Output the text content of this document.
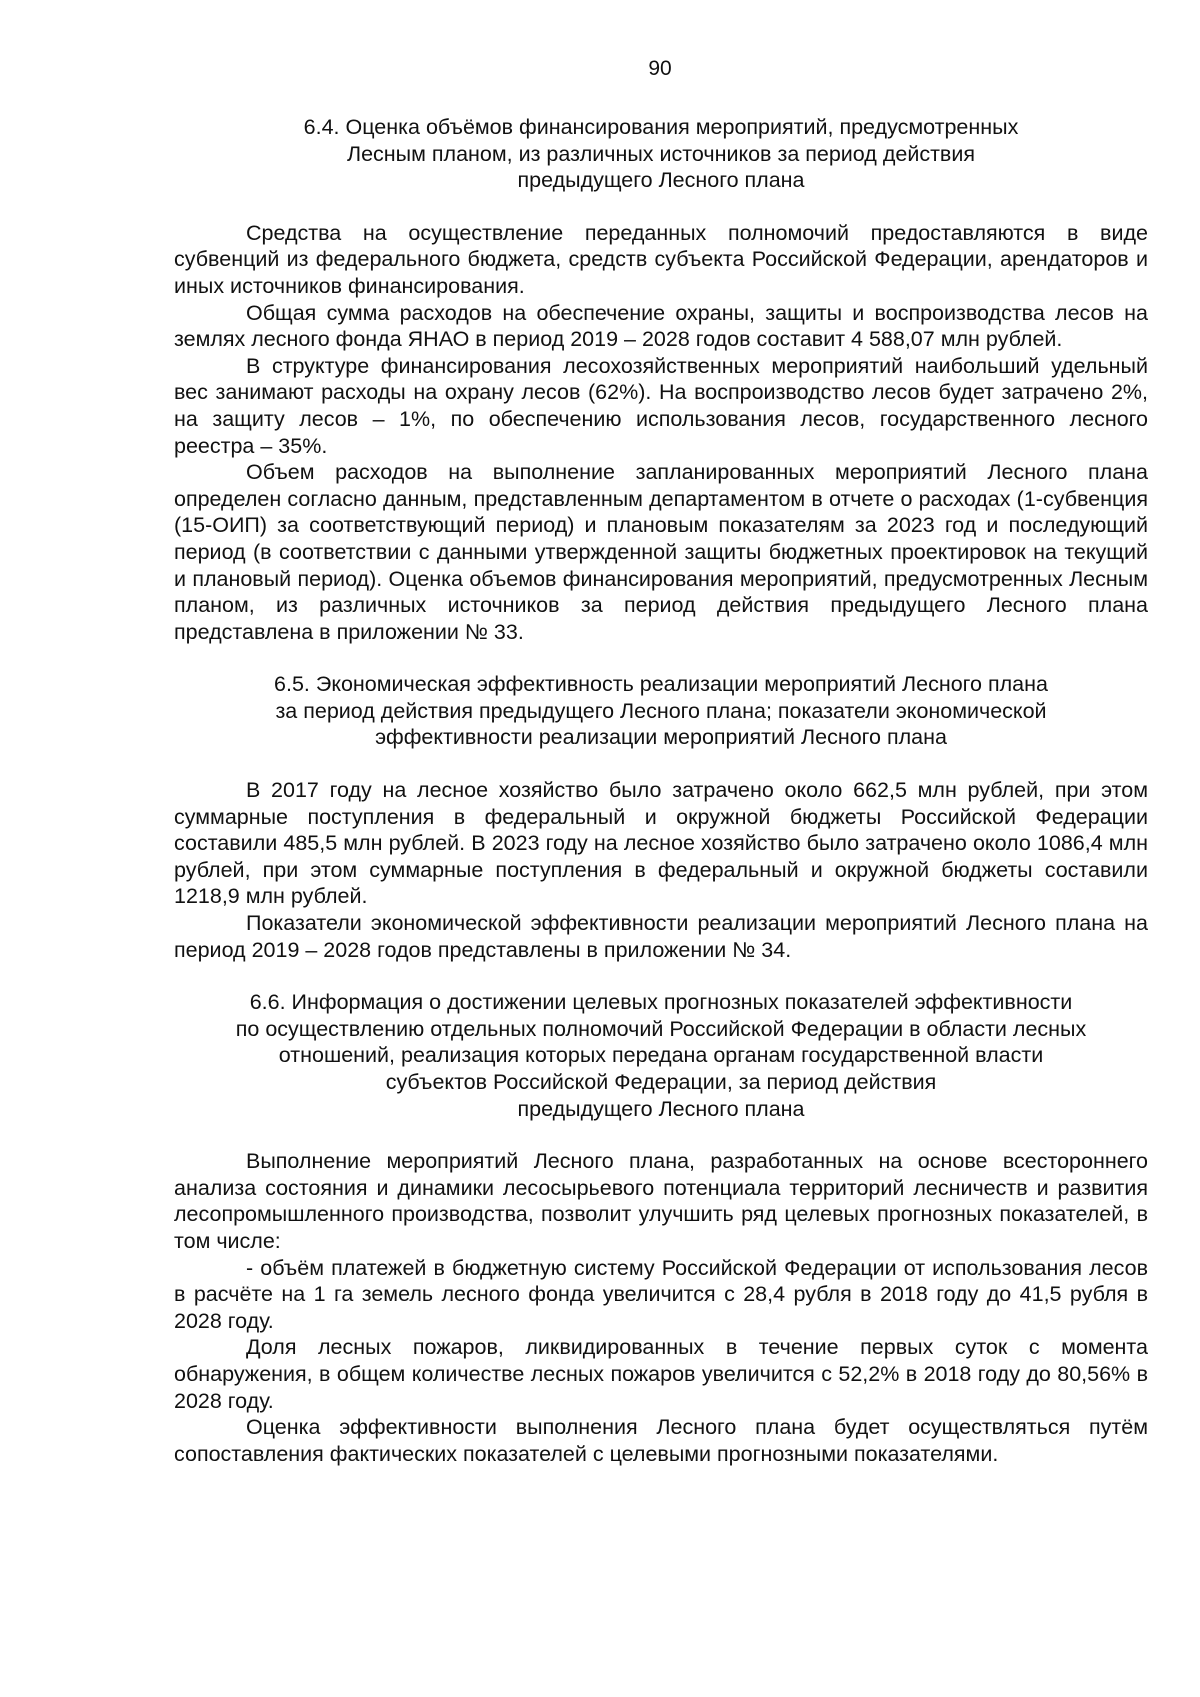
90
6.4. Оценка объёмов финансирования мероприятий, предусмотренных
Лесным планом, из различных источников за период действия
предыдущего Лесного плана

Средства на осуществление переданных полномочий предоставляются в виде субвенций из федерального бюджета, средств субъекта Российской Федерации, арендаторов и иных источников финансирования.

Общая сумма расходов на обеспечение охраны, защиты и воспроизводства лесов на землях лесного фонда ЯНАО в период 2019 – 2028 годов составит 4 588,07 млн рублей.

В структуре финансирования лесохозяйственных мероприятий наибольший удельный вес занимают расходы на охрану лесов (62%). На воспроизводство лесов будет затрачено 2%, на защиту лесов – 1%, по обеспечению использования лесов, государственного лесного реестра – 35%.

Объем расходов на выполнение запланированных мероприятий Лесного плана определен согласно данным, представленным департаментом в отчете о расходах (1-субвенция (15-ОИП) за соответствующий период) и плановым показателям за 2023 год и последующий период (в соответствии с данными утвержденной защиты бюджетных проектировок на текущий и плановый период). Оценка объемов финансирования мероприятий, предусмотренных Лесным планом, из различных источников за период действия предыдущего Лесного плана представлена в приложении № 33.

6.5. Экономическая эффективность реализации мероприятий Лесного плана
за период действия предыдущего Лесного плана; показатели экономической
эффективности реализации мероприятий Лесного плана

В 2017 году на лесное хозяйство было затрачено около 662,5 млн рублей, при этом суммарные поступления в федеральный и окружной бюджеты Российской Федерации составили 485,5 млн рублей. В 2023 году на лесное хозяйство было затрачено около 1086,4 млн рублей, при этом суммарные поступления в федеральный и окружной бюджеты составили 1218,9 млн рублей.

Показатели экономической эффективности реализации мероприятий Лесного плана на период 2019 – 2028 годов представлены в приложении № 34.

6.6. Информация о достижении целевых прогнозных показателей эффективности
по осуществлению отдельных полномочий Российской Федерации в области лесных
отношений, реализация которых передана органам государственной власти
субъектов Российской Федерации, за период действия
предыдущего Лесного плана

Выполнение мероприятий Лесного плана, разработанных на основе всестороннего анализа состояния и динамики лесосырьевого потенциала территорий лесничеств и развития лесопромышленного производства, позволит улучшить ряд целевых прогнозных показателей, в том числе:

- объём платежей в бюджетную систему Российской Федерации от использования лесов в расчёте на 1 га земель лесного фонда увеличится с 28,4 рубля в 2018 году до 41,5 рубля в 2028 году.

Доля лесных пожаров, ликвидированных в течение первых суток с момента обнаружения, в общем количестве лесных пожаров увеличится с 52,2% в 2018 году до 80,56% в 2028 году.

Оценка эффективности выполнения Лесного плана будет осуществляться путём сопоставления фактических показателей с целевыми прогнозными показателями.
